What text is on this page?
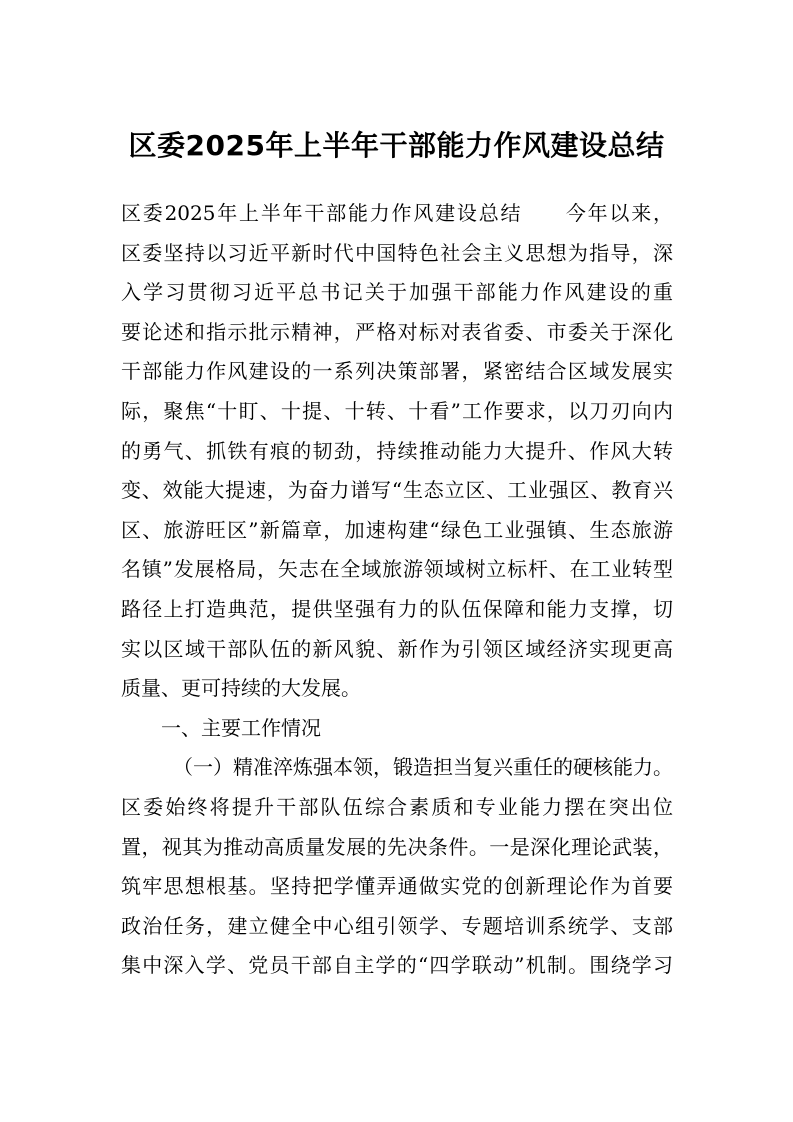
区委2025年上半年干部能力作风建设总结
区委2025年上半年干部能力作风建设总结　　今年以来，
区委坚持以习近平新时代中国特色社会主义思想为指导，深
入学习贯彻习近平总书记关于加强干部能力作风建设的重
要论述和指示批示精神，严格对标对表省委、市委关于深化
干部能力作风建设的一系列决策部署，紧密结合区域发展实
际，聚焦“十盯、十提、十转、十看”工作要求，以刀刃向内
的勇气、抓铁有痕的韧劲，持续推动能力大提升、作风大转
变、效能大提速，为奋力谱写“生态立区、工业强区、教育兴
区、旅游旺区”新篇章，加速构建“绿色工业强镇、生态旅游
名镇”发展格局，矢志在全域旅游领域树立标杆、在工业转型
路径上打造典范，提供坚强有力的队伍保障和能力支撑，切
实以区域干部队伍的新风貌、新作为引领区域经济实现更高
质量、更可持续的大发展。
一、主要工作情况
（一）精准淬炼强本领，锻造担当复兴重任的硬核能力。
区委始终将提升干部队伍综合素质和专业能力摆在突出位
置，视其为推动高质量发展的先决条件。一是深化理论武装，
筑牢思想根基。坚持把学懂弄通做实党的创新理论作为首要
政治任务，建立健全中心组引领学、专题培训系统学、支部
集中深入学、党员干部自主学的“四学联动”机制。围绕学习
